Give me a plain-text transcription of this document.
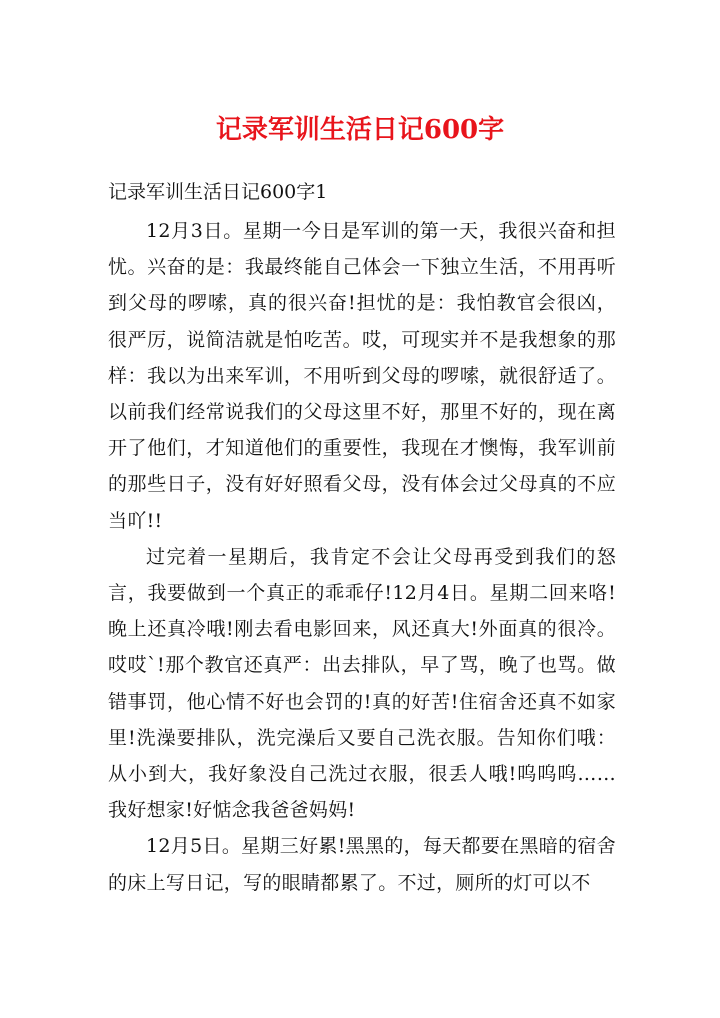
记录军训生活日记600字

记录军训生活日记600字1

12月3日。星期一今日是军训的第一天，我很兴奋和担忧。兴奋的是：我最终能自己体会一下独立生活，不用再听到父母的啰嗦，真的很兴奋!担忧的是：我怕教官会很凶，很严厉，说简洁就是怕吃苦。哎，可现实并不是我想象的那样：我以为出来军训，不用听到父母的啰嗦，就很舒适了。以前我们经常说我们的父母这里不好，那里不好的，现在离开了他们，才知道他们的重要性，我现在才懊悔，我军训前的那些日子，没有好好照看父母，没有体会过父母真的不应当吖!!

过完着一星期后，我肯定不会让父母再受到我们的怒言，我要做到一个真正的乖乖仔!12月4日。星期二回来咯!晚上还真冷哦!刚去看电影回来，风还真大!外面真的很冷。哎哎`!那个教官还真严：出去排队，早了骂，晚了也骂。做错事罚，他心情不好也会罚的!真的好苦!住宿舍还真不如家里!洗澡要排队，洗完澡后又要自己洗衣服。告知你们哦：从小到大，我好象没自己洗过衣服，很丢人哦!呜呜呜……我好想家!好惦念我爸爸妈妈!

12月5日。星期三好累!黑黑的，每天都要在黑暗的宿舍的床上写日记，写的眼睛都累了。不过，厕所的灯可以不
